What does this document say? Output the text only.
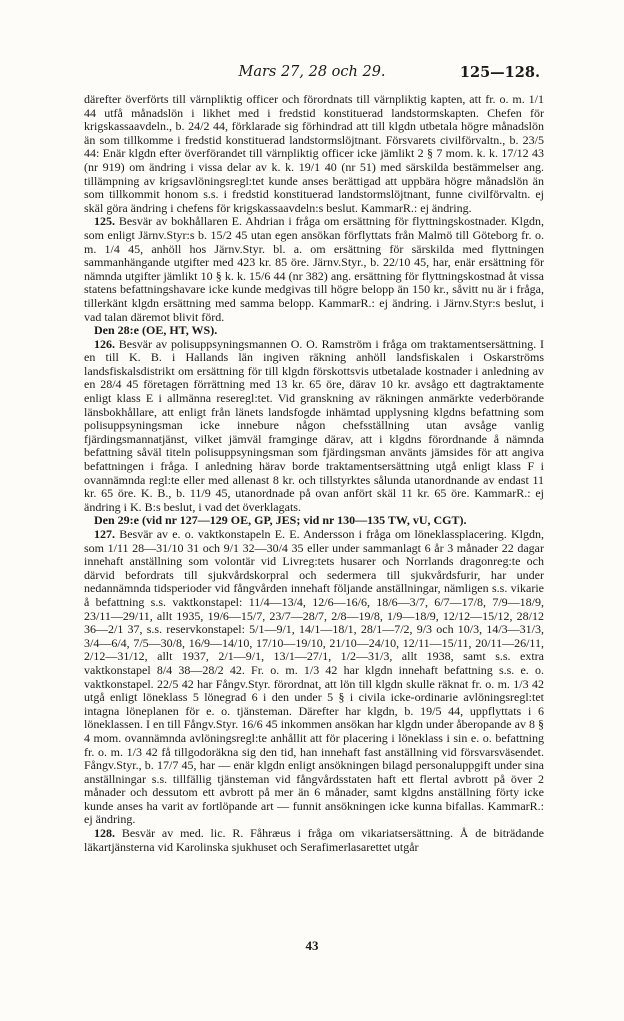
Mars 27, 28 och 29.	125—128.

därefter överförts till värnpliktig officer och förordnats till värnpliktig kapten, att fr. o. m. 1/1 44 utfå månadslön i likhet med i fredstid konstituerad landstormskapten. Chefen för krigskassaavdeln., b. 24/2 44, förklarade sig förhindrad att till klgdn utbetala högre månadslön än som tillkomme i fredstid konstituerad landstormslöjtnant. Försvarets civilförvaltn., b. 23/5 44: Enär klgdn efter överförandet till värnpliktig officer icke jämlikt 2 § 7 mom. k. k. 17/12 43 (nr 919) om ändring i vissa delar av k. k. 19/1 40 (nr 51) med särskilda bestämmelser ang. tillämpning av krigsavlöningsregl:tet kunde anses berättigad att uppbära högre månadslön än som tillkommit honom s.s. i fredstid konstituerad landstormslöjtnant, funne civilförvaltn. ej skäl göra ändring i chefens för krigskassaavdeln:s beslut. KammarR.: ej ändring.

125. Besvär av bokhållaren E. Ahdrian i fråga om ersättning för flyttningskostnader. Klgdn, som enligt Järnv.Styr:s b. 15/2 45 utan egen ansökan förflyttats från Malmö till Göteborg fr. o. m. 1/4 45, anhöll hos Järnv.Styr. bl. a. om ersättning för särskilda med flyttningen sammanhängande utgifter med 423 kr. 85 öre. Järnv.Styr., b. 22/10 45, har, enär ersättning för nämnda utgifter jämlikt 10 § k. k. 15/6 44 (nr 382) ang. ersättning för flyttningskostnad åt vissa statens befattningshavare icke kunde medgivas till högre belopp än 150 kr., såvitt nu är i fråga, tillerkänt klgdn ersättning med samma belopp. KammarR.: ej ändring. i Järnv.Styr:s beslut, i vad talan däremot blivit förd.

Den 28:e (OE, HT, WS).

126. Besvär av polisuppsyningsmannen O. O. Ramström i fråga om traktamentsersättning. I en till K. B. i Hallands län ingiven räkning anhöll landsfiskalen i Oskarströms landsfiskalsdistrikt om ersättning för till klgdn förskottsvis utbetalade kostnader i anledning av en 28/4 45 företagen förrättning med 13 kr. 65 öre, därav 10 kr. avsågo ett dagtraktamente enligt klass E i allmänna reseregl:tet. Vid granskning av räkningen anmärkte vederbörande länsbokhållare, att enligt från länets landsfogde inhämtad upplysning klgdns befattning som polisuppsyningsman icke innebure någon chefsställning utan avsåge vanlig fjärdingsmannatjänst, vilket jämväl framginge därav, att i klgdns förordnande å nämnda befattning såväl titeln polisuppsyningsman som fjärdingsman använts jämsides för att angiva befattningen i fråga. I anledning härav borde traktamentsersättning utgå enligt klass F i ovannämnda regl:te eller med allenast 8 kr. och tillstyrktes sålunda utanordnande av endast 11 kr. 65 öre. K. B., b. 11/9 45, utanordnade på ovan anfört skäl 11 kr. 65 öre. KammarR.: ej ändring i K. B:s beslut, i vad det överklagats.

Den 29:e (vid nr 127—129 OE, GP, JES; vid nr 130—135 TW, vU, CGT).

127. Besvär av e. o. vaktkonstapeln E. E. Andersson i fråga om löneklassplacering. Klgdn, som 1/11 28—31/10 31 och 9/1 32—30/4 35 eller under sammanlagt 6 år 3 månader 22 dagar innehaft anställning som volontär vid Livreg:tets husarer och Norrlands dragonreg:te och därvid befordrats till sjukvårdskorpral och sedermera till sjukvårdsfurir, har under nedannämnda tidsperioder vid fångvården innehaft följande anställningar, nämligen s.s. vikarie å befattning s.s. vaktkonstapel: 11/4—13/4, 12/6—16/6, 18/6—3/7, 6/7—17/8, 7/9—18/9, 23/11—29/11, allt 1935, 19/6—15/7, 23/7—28/7, 2/8—19/8, 1/9—18/9, 12/12—15/12, 28/12 36—2/1 37, s.s. reservkonstapel: 5/1—9/1, 14/1—18/1, 28/1—7/2, 9/3 och 10/3, 14/3—31/3, 3/4—6/4, 7/5—30/8, 16/9—14/10, 17/10—19/10, 21/10—24/10, 12/11—15/11, 20/11—26/11, 2/12—31/12, allt 1937, 2/1—9/1, 13/1—27/1, 1/2—31/3, allt 1938, samt s.s. extra vaktkonstapel 8/4 38—28/2 42. Fr. o. m. 1/3 42 har klgdn innehaft befattning s.s. e. o. vaktkonstapel. 22/5 42 har Fångv.Styr. förordnat, att lön till klgdn skulle räknat fr. o. m. 1/3 42 utgå enligt löneklass 5 lönegrad 6 i den under 5 § i civila icke-ordinarie avlöningsregl:tet intagna löneplanen för e. o. tjänsteman. Därefter har klgdn, b. 19/5 44, uppflyttats i 6 löneklassen. I en till Fångv.Styr. 16/6 45 inkommen ansökan har klgdn under åberopande av 8 § 4 mom. ovannämnda avlöningsregl:te anhållit att för placering i löneklass i sin e. o. befattning fr. o. m. 1/3 42 få tillgodoräkna sig den tid, han innehaft fast anställning vid försvarsväsendet. Fångv.Styr., b. 17/7 45, har — enär klgdn enligt ansökningen bilagd personaluppgift under sina anställningar s.s. tillfällig tjänsteman vid fångvårdsstaten haft ett flertal avbrott på över 2 månader och dessutom ett avbrott på mer än 6 månader, samt klgdns anställning förty icke kunde anses ha varit av fortlöpande art — funnit ansökningen icke kunna bifallas. KammarR.: ej ändring.

128. Besvär av med. lic. R. Fåhræus i fråga om vikariatsersättning. Å de biträdande läkartjänsterna vid Karolinska sjukhuset och Serafimerlasarettet utgår

43
